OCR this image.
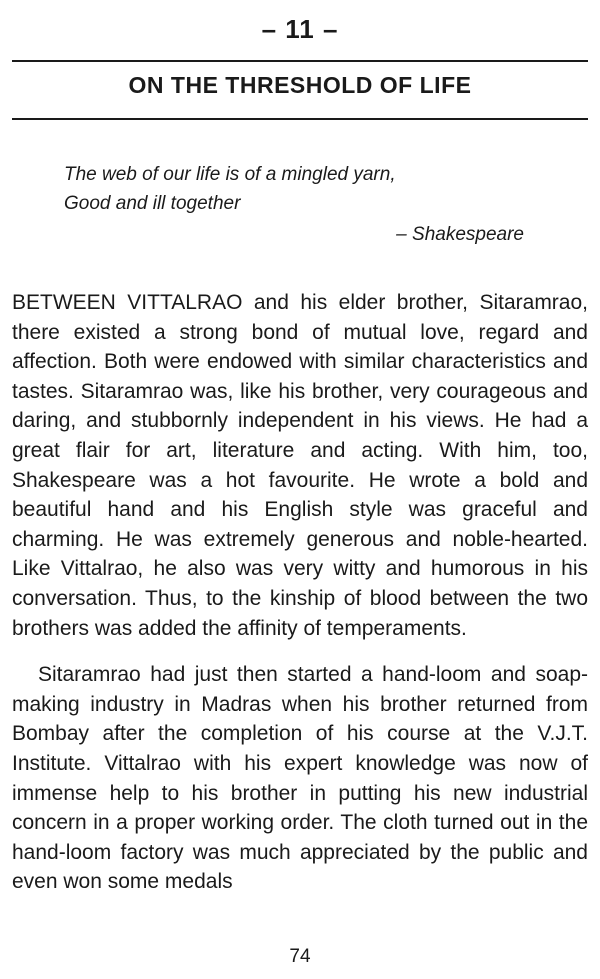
– 11 –
ON THE THRESHOLD OF LIFE
The web of our life is of a mingled yarn,
Good and ill together
– Shakespeare

BETWEEN VITTALRAO and his elder brother, Sitaramrao, there existed a strong bond of mutual love, regard and affection. Both were endowed with similar characteristics and tastes. Sitaramrao was, like his brother, very courageous and daring, and stubbornly independent in his views. He had a great flair for art, literature and acting. With him, too, Shakespeare was a hot favourite. He wrote a bold and beautiful hand and his English style was graceful and charming. He was extremely generous and noble-hearted. Like Vittalrao, he also was very witty and humorous in his conversation. Thus, to the kinship of blood between the two brothers was added the affinity of temperaments.

Sitaramrao had just then started a hand-loom and soap-making industry in Madras when his brother returned from Bombay after the completion of his course at the V.J.T. Institute. Vittalrao with his expert knowledge was now of immense help to his brother in putting his new industrial concern in a proper working order. The cloth turned out in the hand-loom factory was much appreciated by the public and even won some medals

74
